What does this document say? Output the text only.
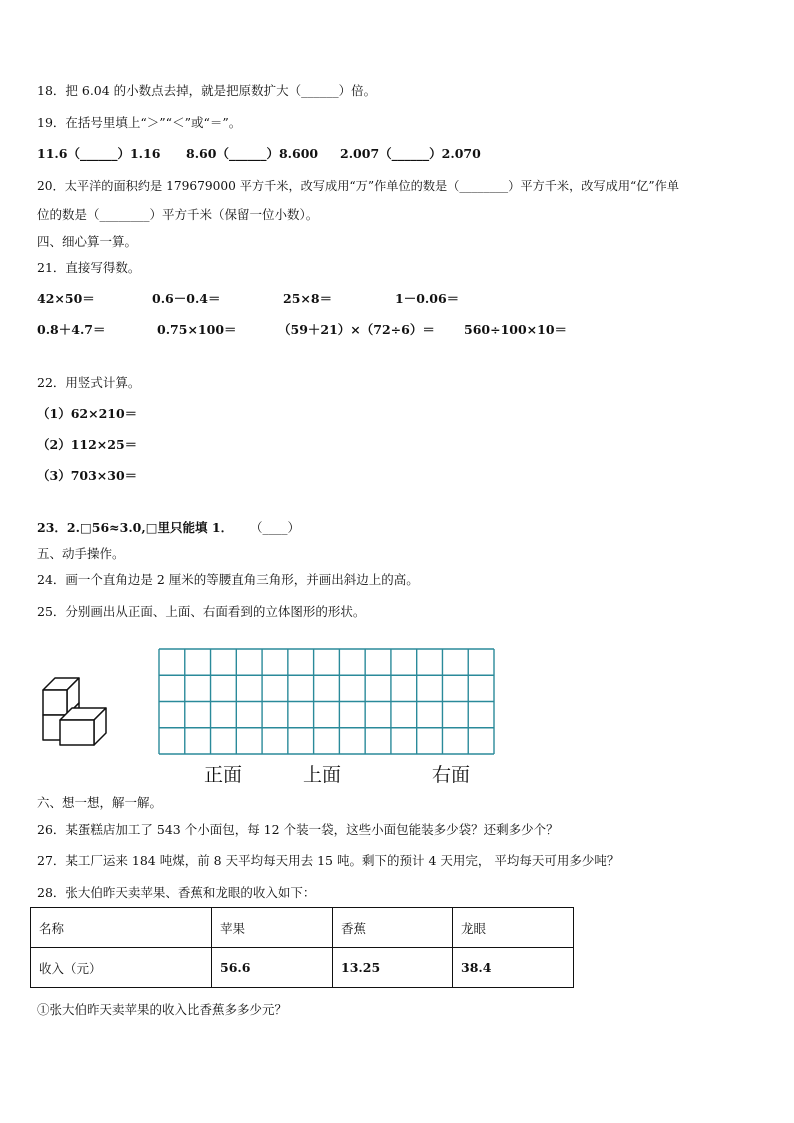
18．把 6.04 的小数点去掉，就是把原数扩大（______）倍。
19．在括号里填上“＞”“＜”或“＝”。
11.6（______）1.16 8.60（______）8.600 2.007（______）2.070
20．太平洋的面积约是 179679000 平方千米，改写成用“万”作单位的数是（________）平方千米，改写成用“亿”作单
位的数是（________）平方千米（保留一位小数）。
四、细心算一算。
21．直接写得数。
42×50＝	0.6－0.4＝	25×8＝	1－0.06＝
0.8＋4.7＝	0.75×100＝	（59＋21）×（72÷6）＝ 560÷100×10＝
22．用竖式计算。
（1）62×210＝
（2）112×25＝
（3）703×30＝
23．2.□56≈3.0,□里只能填 1． （____）
五、动手操作。
24．画一个直角边是 2 厘米的等腰直角三角形，并画出斜边上的高。
25．分别画出从正面、上面、右面看到的立体图形的形状。
正面	上面	右面
六、想一想，解一解。
26．某蛋糕店加工了 543 个小面包，每 12 个装一袋，这些小面包能装多少袋？还剩多少个？
27．某工厂运来 184 吨煤，前 8 天平均每天用去 15 吨。剩下的预计 4 天用完， 平均每天可用多少吨？
28．张大伯昨天卖苹果、香蕉和龙眼的收入如下：
名称	苹果	香蕉	龙眼
收入（元）	56.6	13.25	38.4
①张大伯昨天卖苹果的收入比香蕉多多少元？
